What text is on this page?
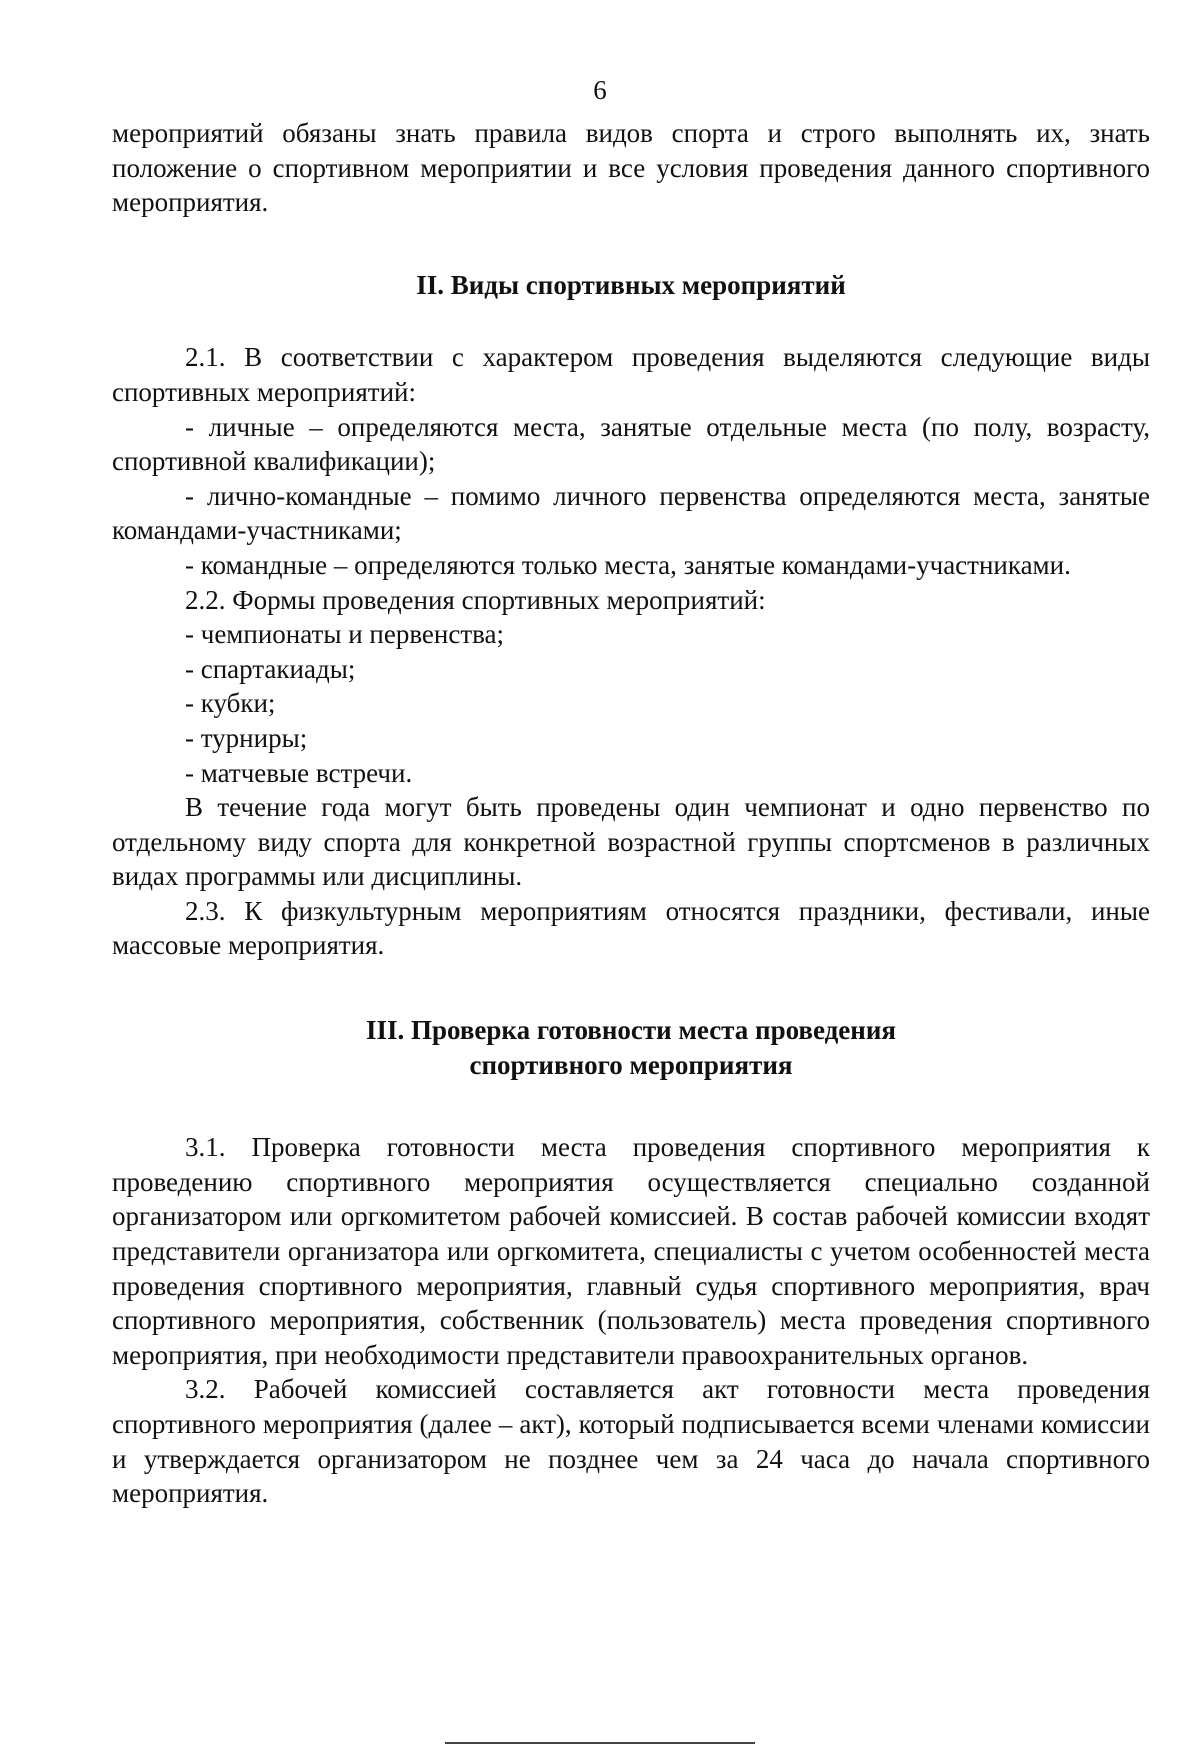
6

мероприятий обязаны знать правила видов спорта и строго выполнять их, знать положение о спортивном мероприятии и все условия проведения данного спортивного мероприятия.

II. Виды спортивных мероприятий

2.1. В соответствии с характером проведения выделяются следующие виды спортивных мероприятий:

- личные – определяются места, занятые отдельные места (по полу, возрасту, спортивной квалификации);

- лично-командные – помимо личного первенства определяются места, занятые командами-участниками;

- командные – определяются только места, занятые командами-участниками.

2.2. Формы проведения спортивных мероприятий:

- чемпионаты и первенства;

- спартакиады;

- кубки;

- турниры;

- матчевые встречи.

В течение года могут быть проведены один чемпионат и одно первенство по отдельному виду спорта для конкретной возрастной группы спортсменов в различных видах программы или дисциплины.

2.3. К физкультурным мероприятиям относятся праздники, фестивали, иные массовые мероприятия.

III. Проверка готовности места проведения

спортивного мероприятия

3.1. Проверка готовности места проведения спортивного мероприятия к проведению спортивного мероприятия осуществляется специально созданной организатором или оргкомитетом рабочей комиссией. В состав рабочей комиссии входят представители организатора или оргкомитета, специалисты с учетом особенностей места проведения спортивного мероприятия, главный судья спортивного мероприятия, врач спортивного мероприятия, собственник (пользователь) места проведения спортивного мероприятия, при необходимости представители правоохранительных органов.

3.2. Рабочей комиссией составляется акт готовности места проведения спортивного мероприятия (далее – акт), который подписывается всеми членами комиссии и утверждается организатором не позднее чем за 24 часа до начала спортивного мероприятия.
